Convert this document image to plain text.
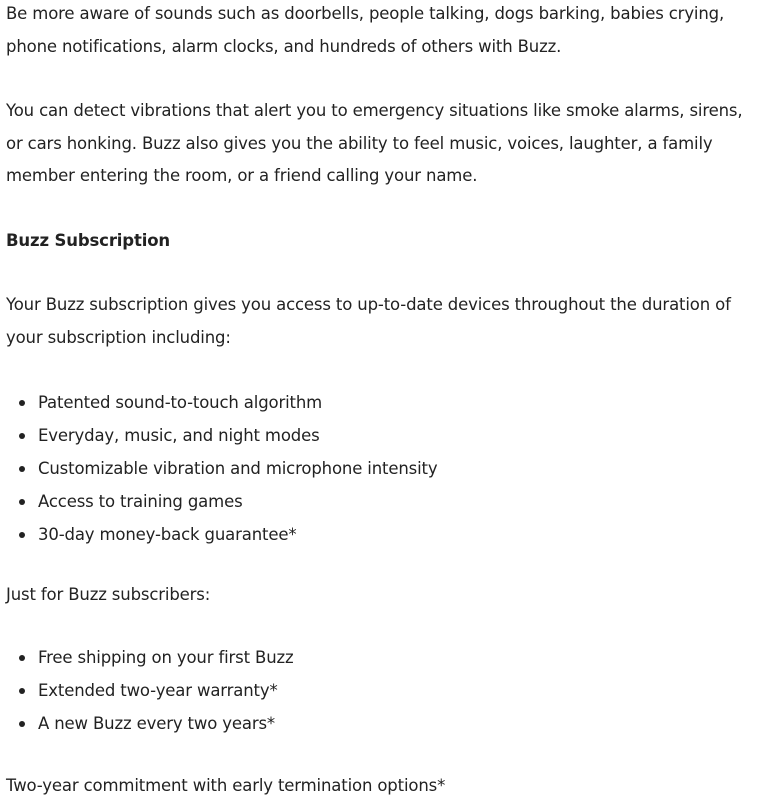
Be more aware of sounds such as doorbells, people talking, dogs barking, babies crying, phone notifications, alarm clocks, and hundreds of others with Buzz.

You can detect vibrations that alert you to emergency situations like smoke alarms, sirens, or cars honking. Buzz also gives you the ability to feel music, voices, laughter, a family member entering the room, or a friend calling your name.

Buzz Subscription

Your Buzz subscription gives you access to up-to-date devices throughout the duration of your subscription including:

Patented sound-to-touch algorithm
Everyday, music, and night modes
Customizable vibration and microphone intensity
Access to training games
30-day money-back guarantee*

Just for Buzz subscribers:

Free shipping on your first Buzz
Extended two-year warranty*
A new Buzz every two years*

Two-year commitment with early termination options*
